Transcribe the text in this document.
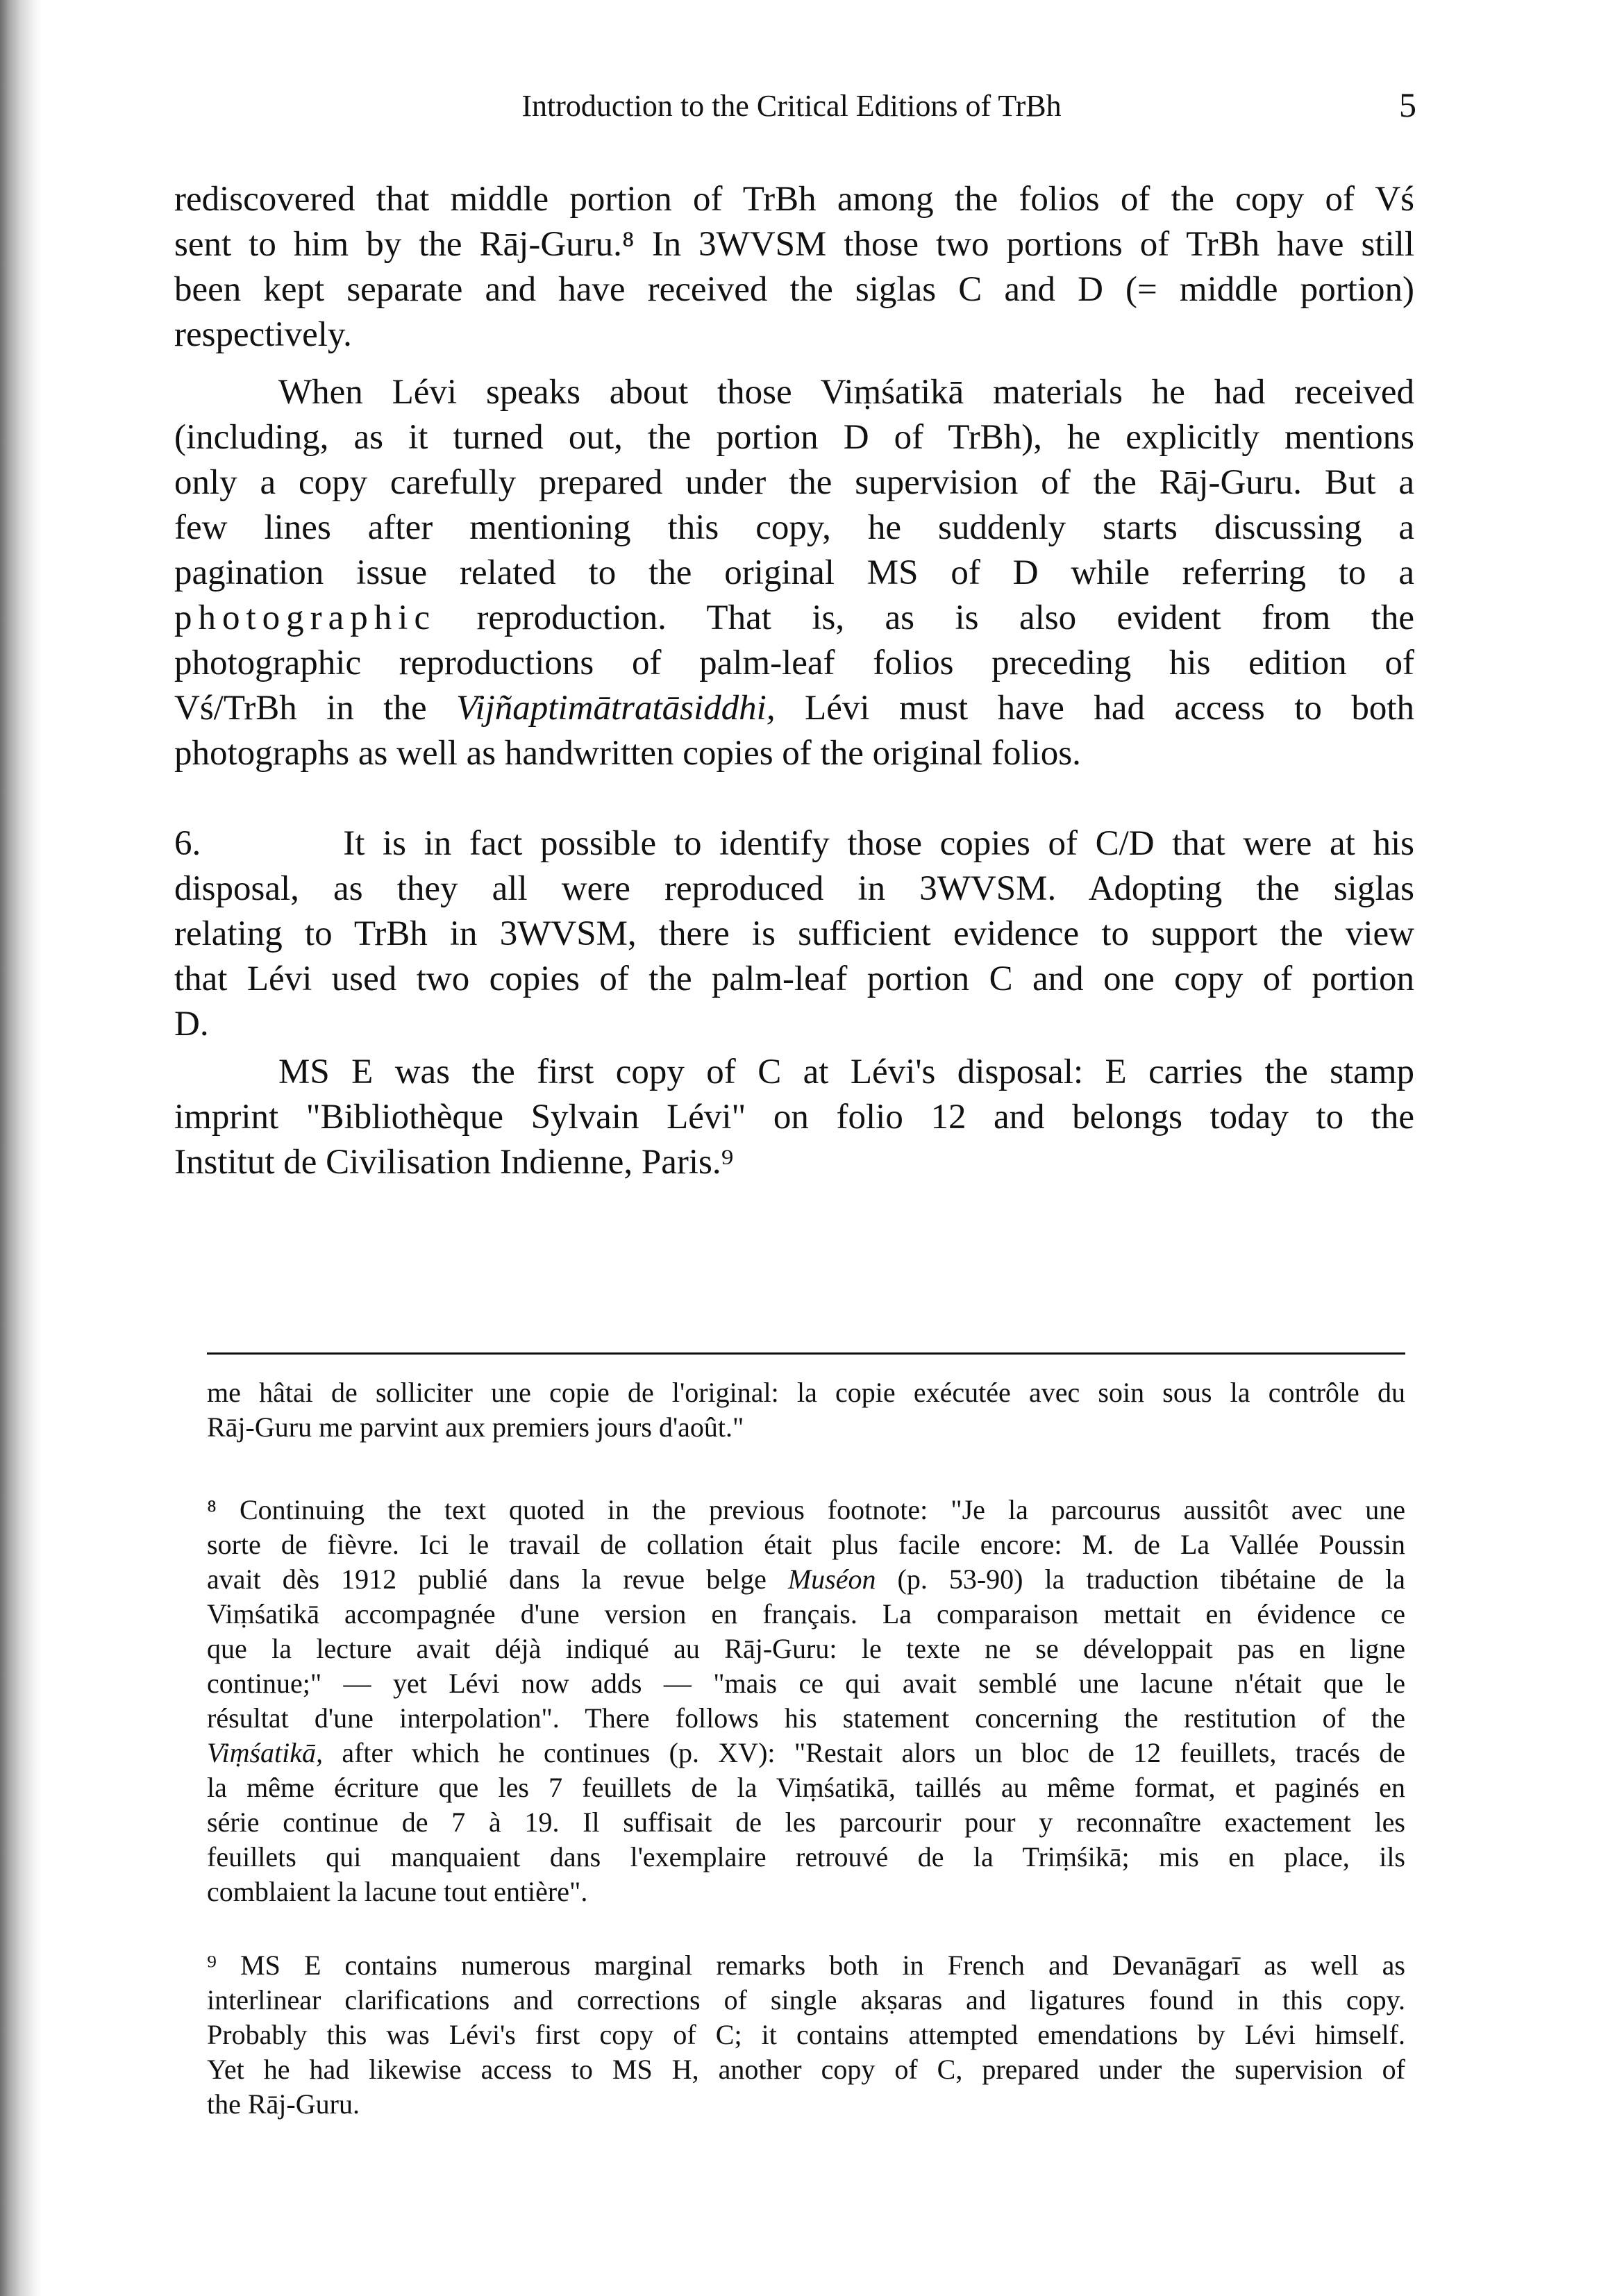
Introduction to the Critical Editions of TrBh	5
rediscovered that middle portion of TrBh among the folios of the copy of Vś
sent to him by the Rāj-Guru.⁸ In 3WVSM those two portions of TrBh have still
been kept separate and have received the siglas C and D (= middle portion)
respectively.
When Lévi speaks about those Viṃśatikā materials he had received
(including, as it turned out, the portion D of TrBh), he explicitly mentions
only a copy carefully prepared under the supervision of the Rāj-Guru. But a
few lines after mentioning this copy, he suddenly starts discussing a
pagination issue related to the original MS of D while referring to a
photographic reproduction. That is, as is also evident from the
photographic reproductions of palm-leaf folios preceding his edition of
Vś/TrBh in the Vijñaptimātratāsiddhi, Lévi must have had access to both
photographs as well as handwritten copies of the original folios.
6.        It is in fact possible to identify those copies of C/D that were at his
disposal, as they all were reproduced in 3WVSM. Adopting the siglas
relating to TrBh in 3WVSM, there is sufficient evidence to support the view
that Lévi used two copies of the palm-leaf portion C and one copy of portion
D.
MS E was the first copy of C at Lévi's disposal: E carries the stamp
imprint "Bibliothèque Sylvain Lévi" on folio 12 and belongs today to the
Institut de Civilisation Indienne, Paris.⁹
me hâtai de solliciter une copie de l'original: la copie exécutée avec soin sous la contrôle du
Rāj-Guru me parvint aux premiers jours d'août."
⁸ Continuing the text quoted in the previous footnote: "Je la parcourus aussitôt avec une
sorte de fièvre. Ici le travail de collation était plus facile encore: M. de La Vallée Poussin
avait dès 1912 publié dans la revue belge Muséon (p. 53-90) la traduction tibétaine de la
Viṃśatikā accompagnée d'une version en français. La comparaison mettait en évidence ce
que la lecture avait déjà indiqué au Rāj-Guru: le texte ne se développait pas en ligne
continue;" — yet Lévi now adds — "mais ce qui avait semblé une lacune n'était que le
résultat d'une interpolation". There follows his statement concerning the restitution of the
Viṃśatikā, after which he continues (p. XV): "Restait alors un bloc de 12 feuillets, tracés de
la même écriture que les 7 feuillets de la Viṃśatikā, taillés au même format, et paginés en
série continue de 7 à 19. Il suffisait de les parcourir pour y reconnaître exactement les
feuillets qui manquaient dans l'exemplaire retrouvé de la Triṃśikā; mis en place, ils
comblaient la lacune tout entière".
⁹ MS E contains numerous marginal remarks both in French and Devanāgarī as well as
interlinear clarifications and corrections of single akṣaras and ligatures found in this copy.
Probably this was Lévi's first copy of C; it contains attempted emendations by Lévi himself.
Yet he had likewise access to MS H, another copy of C, prepared under the supervision of
the Rāj-Guru.
